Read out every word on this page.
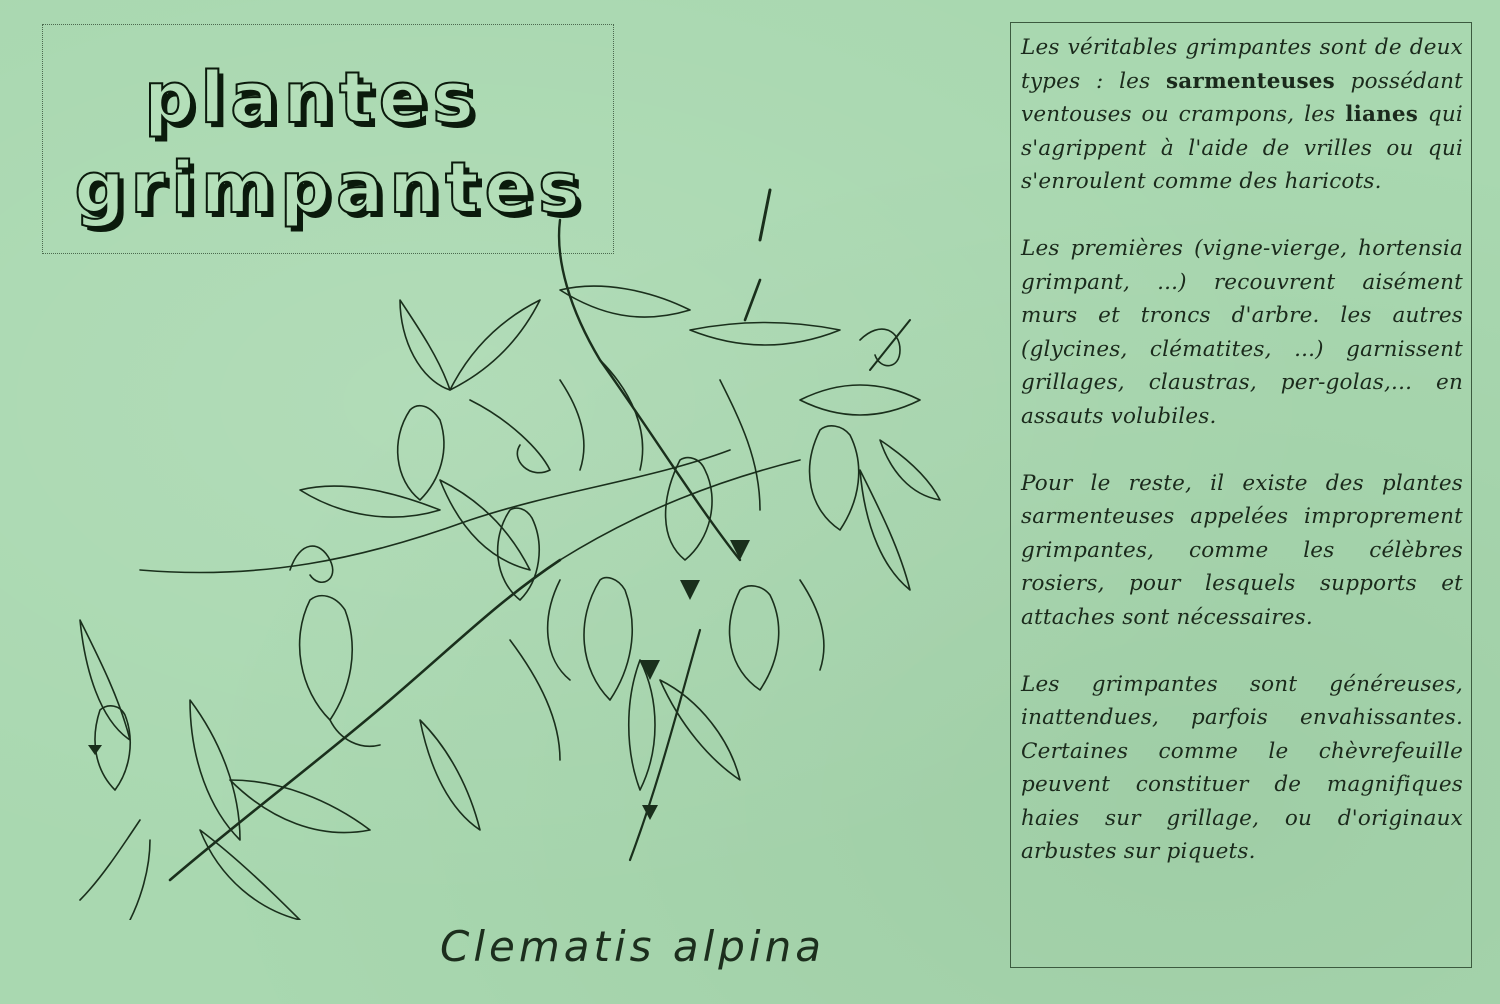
plantes
grimpantes
Clematis alpina

Les véritables grimpantes sont de deux types : les sarmenteuses possédant ventouses ou crampons, les lianes qui s'agrippent à l'aide de vrilles ou qui s'enroulent comme des haricots.

Les premières (vigne-vierge, hortensia grimpant, ...) recouvrent aisément murs et troncs d'arbre. les autres (glycines, clématites, ...) garnissent grillages, claustras, per-golas,... en assauts volubiles.

Pour le reste, il existe des plantes sarmenteuses appelées improprement grimpantes, comme les célèbres rosiers, pour lesquels supports et attaches sont nécessaires.

Les grimpantes sont généreuses, inattendues, parfois envahissantes. Certaines comme le chèvrefeuille peuvent constituer de magnifiques haies sur grillage, ou d'originaux arbustes sur piquets.
